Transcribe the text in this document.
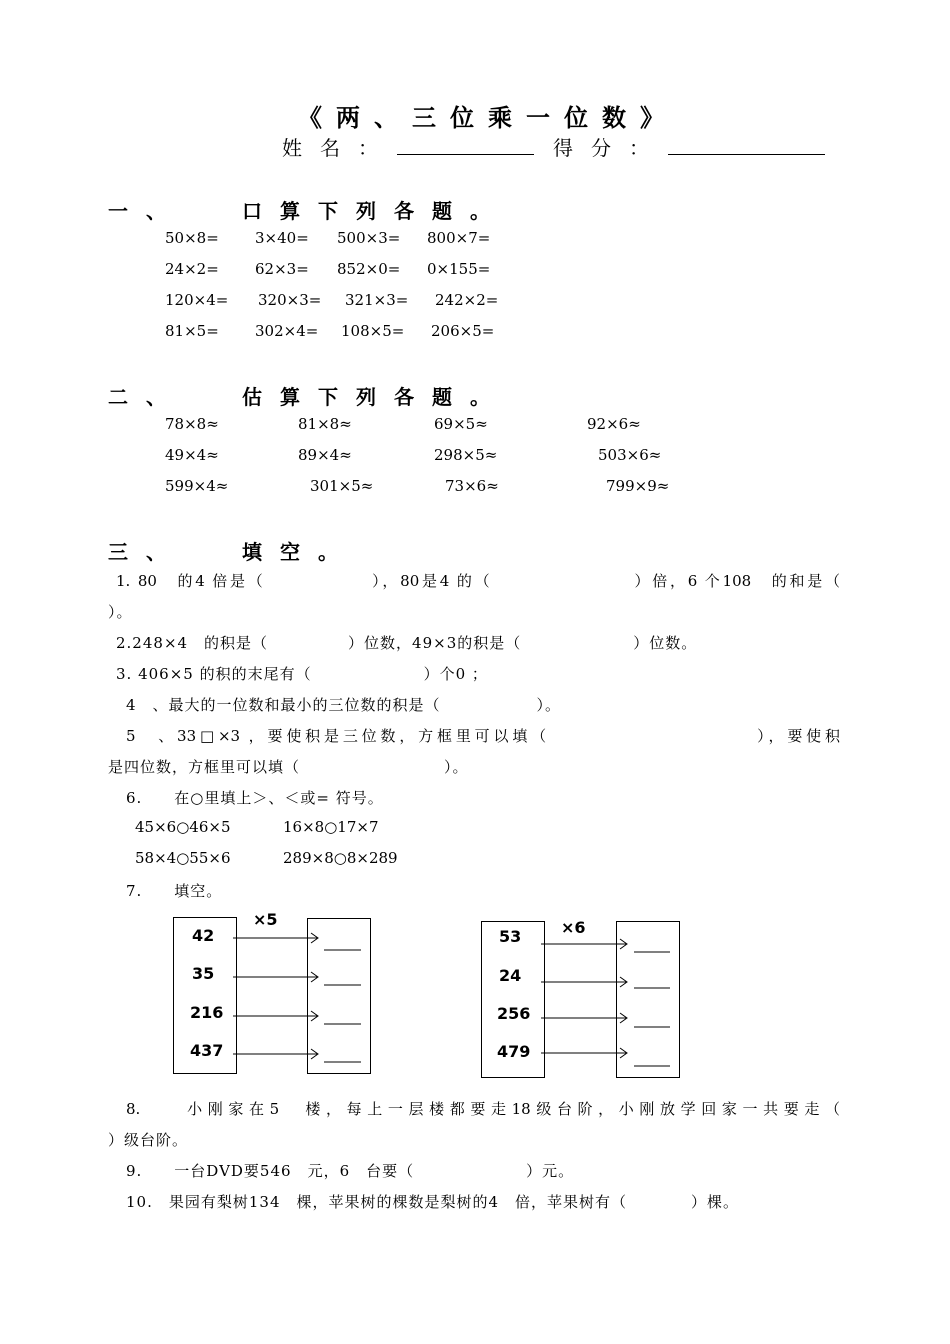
《两、三位乘一位数》
姓名：	得分：
一、	口算下列各题。
50×8= 3×40= 500×3= 800×7=
24×2= 62×3= 852×0= 0×155=
120×4= 320×3= 321×3= 242×2=
81×5= 302×4= 108×5= 206×5=
二、	估算下列各题。
78×8≈	81×8≈	69×5≈	92×6≈
49×4≈	89×4≈	298×5≈	503×6≈
599×4≈	301×5≈	73×6≈	799×9≈
三、	填空。
1. 80　的4 倍是（　　　　　　），80是4 的（　　　　　　　　）倍，6 个108　的和是（
）。
2.248×4　的积是（　　　　　）位数，49×3的积是（　　　　　　　）位数。
3. 406×5 的积的末尾有（　　　　　　　）个0 ；
4　、最大的一位数和最小的三位数的积是（　　　　　　）。
5　、33□×3 ，要使积是三位数，方框里可以填（　　　　　　　　　　　），要使积
是四位数，方框里可以填（　　　　　　　　　）。
6.　　在○里填上＞、＜或= 符号。
45×6○46×5	16×8○17×7
58×4○55×6	289×8○8×289
7.　　填空。
×5
42
35
216
437
×6
53
24
256
479
8.　　小刚家在5　楼，每上一层楼都要走18级台阶，小刚放学回家一共要走（
）级台阶。
9.　　一台DVD要546　元，6　台要（　　　　　　　）元。
10.　果园有梨树134　棵，苹果树的棵数是梨树的4　倍，苹果树有（　　　　）棵。
